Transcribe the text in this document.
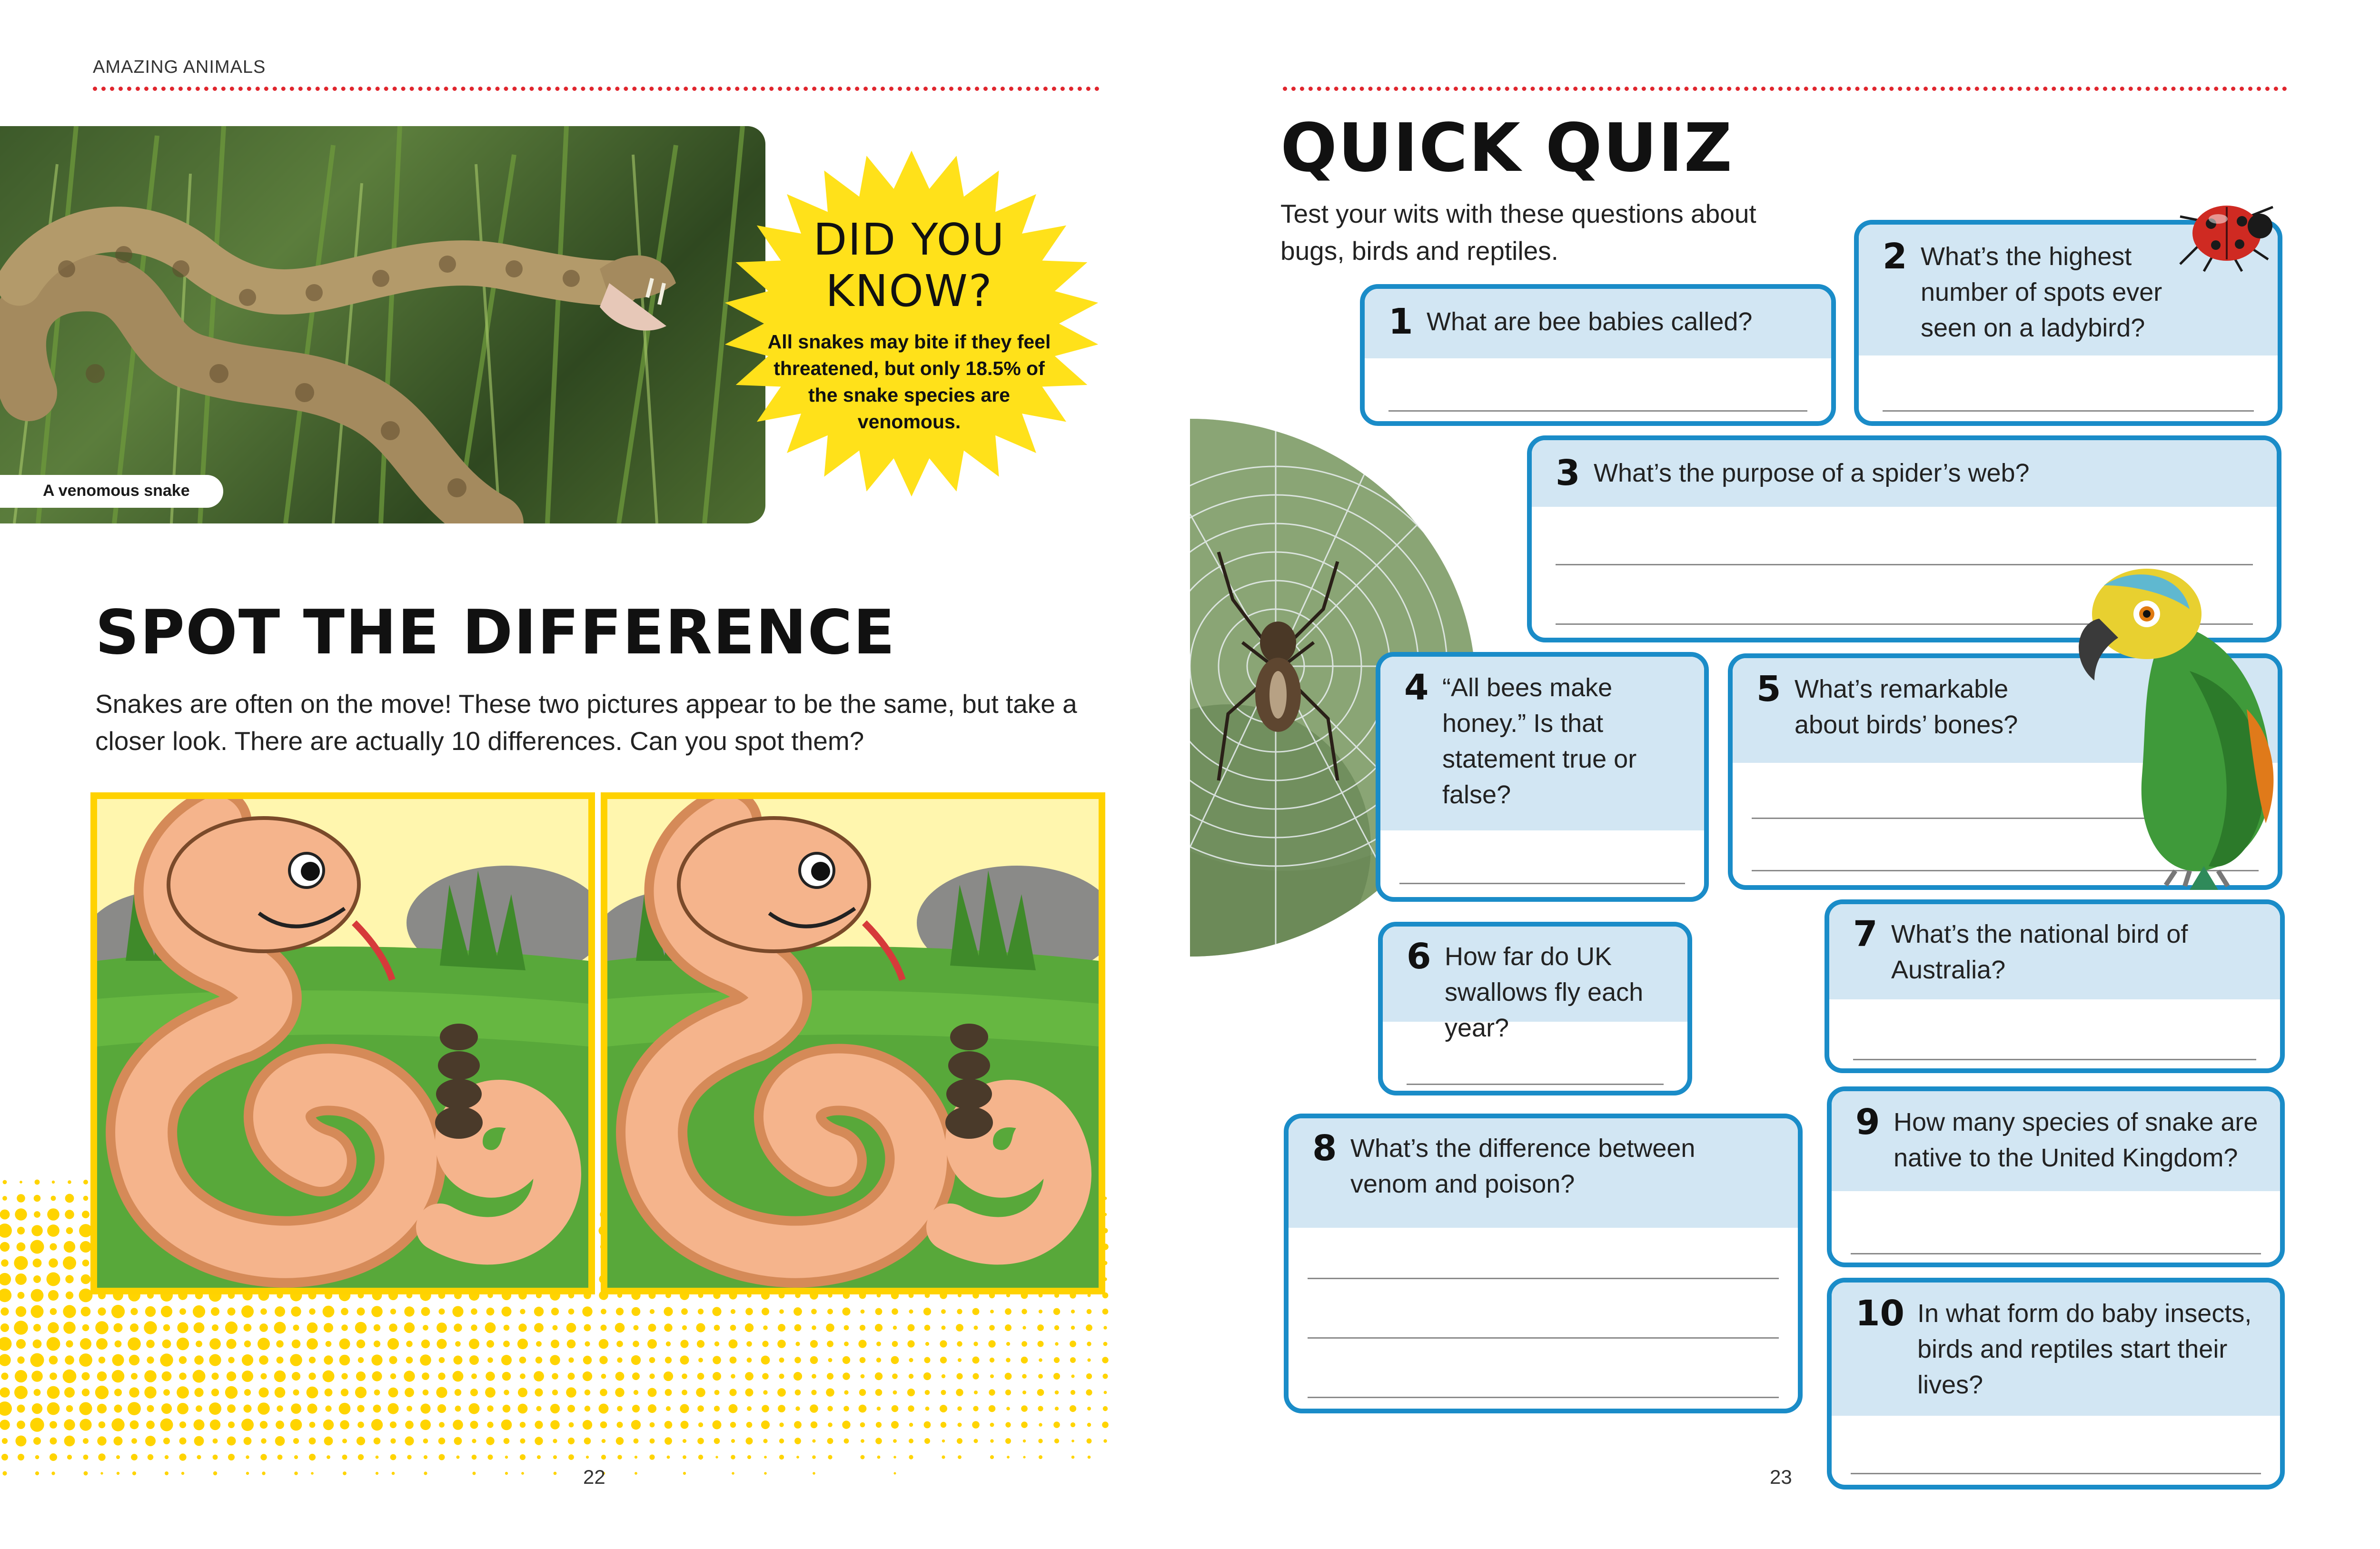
AMAZING ANIMALS
A venomous snake
DID YOU KNOW?
All snakes may bite if they feel threatened, but only 18.5% of the snake species are venomous.
SPOT THE DIFFERENCE
Snakes are often on the move! These two pictures appear to be the same, but take a closer look. There are actually 10 differences. Can you spot them?
22
QUICK QUIZ
Test your wits with these questions about bugs, birds and reptiles.
1 What are bee babies called?
2 What’s the highest number of spots ever seen on a ladybird?
3 What’s the purpose of a spider’s web?
4 “All bees make honey.” Is that statement true or false?
5 What’s remarkable about birds’ bones?
6 How far do UK swallows fly each year?
7 What’s the national bird of Australia?
8 What’s the difference between venom and poison?
9 How many species of snake are native to the United Kingdom?
10 In what form do baby insects, birds and reptiles start their lives?
23
